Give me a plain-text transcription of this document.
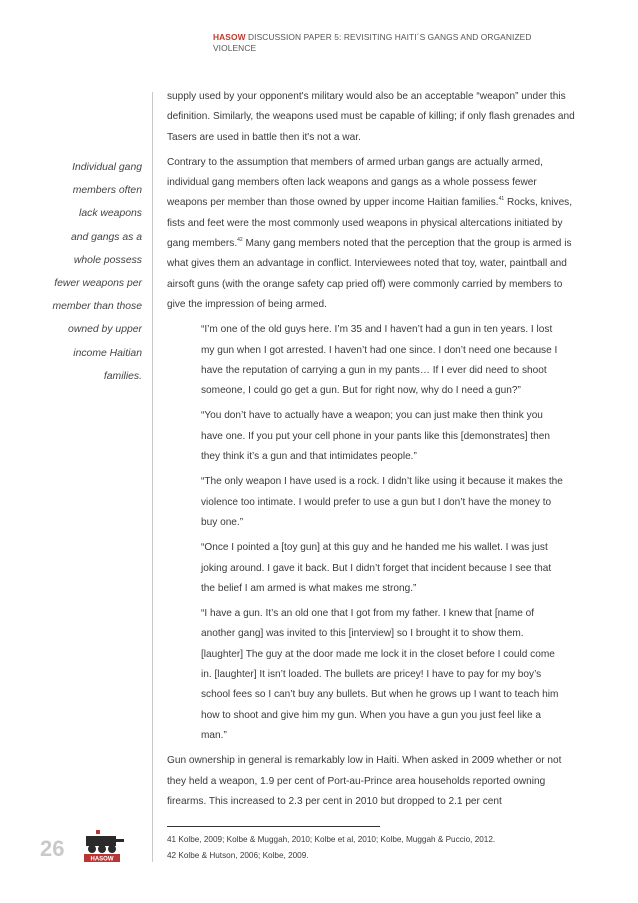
HASOW DISCUSSION PAPER 5: REVISITING HAITI´S GANGS AND ORGANIZED
VIOLENCE
Individual gang
members often
lack weapons
and gangs as a
whole possess
fewer weapons per
member than those
owned by upper
income Haitian
families.

supply used by your opponent's military would also be an acceptable “weapon” under this definition. Similarly, the weapons used must be capable of killing; if only flash grenades and Tasers are used in battle then it's not a war.

Contrary to the assumption that members of armed urban gangs are actually armed, individual gang members often lack weapons and gangs as a whole possess fewer weapons per member than those owned by upper income Haitian families.$^{41}$ Rocks, knives, fists and feet were the most commonly used weapons in physical altercations initiated by gang members.$^{42}$ Many gang members noted that the perception that the group is armed is what gives them an advantage in conflict. Interviewees noted that toy, water, paintball and airsoft guns (with the orange safety cap pried off) were commonly carried by members to give the impression of being armed.

“I’m one of the old guys here. I’m 35 and I haven’t had a gun in ten years. I lost my gun when I got arrested. I haven’t had one since. I don’t need one because I have the reputation of carrying a gun in my pants… If I ever did need to shoot someone, I could go get a gun. But for right now, why do I need a gun?”

“You don’t have to actually have a weapon; you can just make then think you have one. If you put your cell phone in your pants like this [demonstrates] then they think it’s a gun and that intimidates people.”

“The only weapon I have used is a rock. I didn’t like using it because it makes the violence too intimate. I would prefer to use a gun but I don’t have the money to buy one.”

“Once I pointed a [toy gun] at this guy and he handed me his wallet. I was just joking around. I gave it back. But I didn’t forget that incident because I see that the belief I am armed is what makes me strong.”

“I have a gun. It’s an old one that I got from my father. I knew that [name of another gang] was invited to this [interview] so I brought it to show them. [laughter] The guy at the door made me lock it in the closet before I could come in. [laughter] It isn’t loaded. The bullets are pricey! I have to pay for my boy’s school fees so I can’t buy any bullets. But when he grows up I want to teach him how to shoot and give him my gun. When you have a gun you just feel like a man.”

Gun ownership in general is remarkably low in Haiti. When asked in 2009 whether or not they held a weapon, 1.9 per cent of Port-au-Prince area households reported owning firearms. This increased to 2.3 per cent in 2010 but dropped to 2.1 per cent

41 Kolbe, 2009; Kolbe & Muggah, 2010; Kolbe et al, 2010; Kolbe, Muggah & Puccio, 2012.
42 Kolbe & Hutson, 2006; Kolbe, 2009.
26	HASOW
